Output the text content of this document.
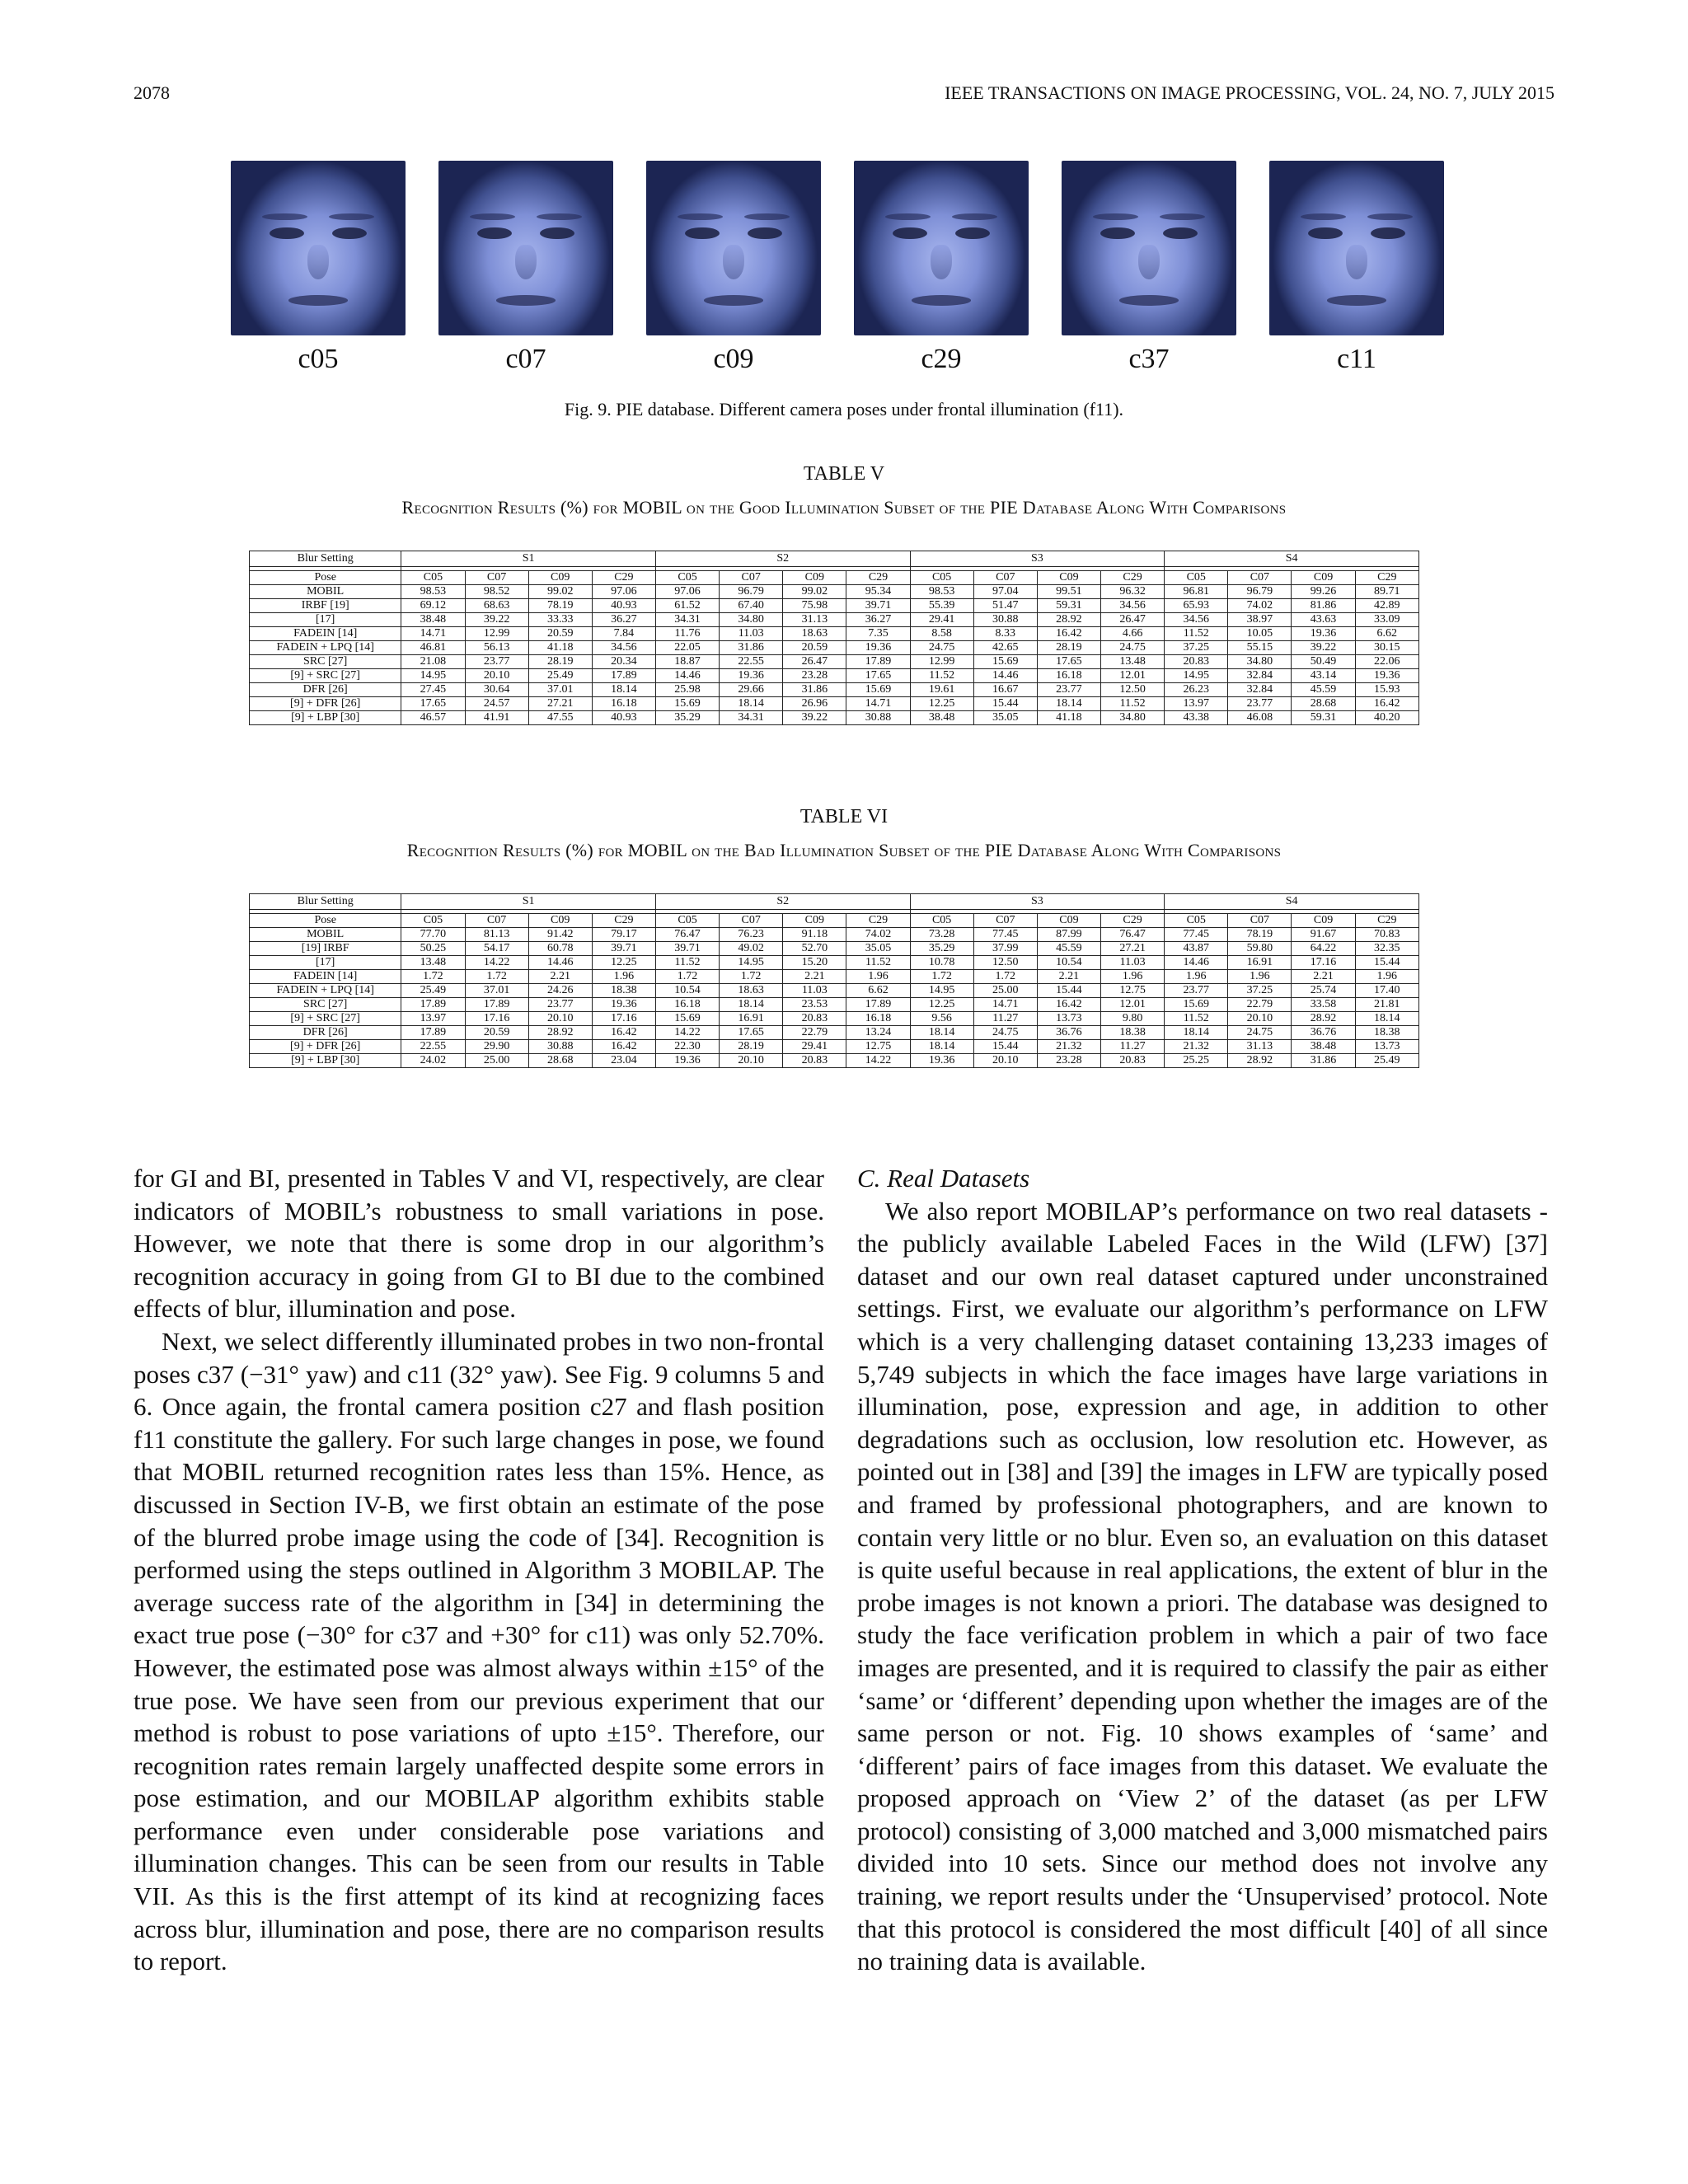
2078	IEEE TRANSACTIONS ON IMAGE PROCESSING, VOL. 24, NO. 7, JULY 2015
c05	c07	c09	c29	c37	c11
Fig. 9. PIE database. Different camera poses under frontal illumination (f11).
TABLE V
Recognition Results (%) for MOBIL on the Good Illumination Subset of the PIE Database Along With Comparisons
Blur Setting	S1				S2				S3				S4			

Pose	C05	C07	C09	C29	C05	C07	C09	C29	C05	C07	C09	C29	C05	C07	C09	C29
MOBIL	98.53	98.52	99.02	97.06	97.06	96.79	99.02	95.34	98.53	97.04	99.51	96.32	96.81	96.79	99.26	89.71
IRBF [19]	69.12	68.63	78.19	40.93	61.52	67.40	75.98	39.71	55.39	51.47	59.31	34.56	65.93	74.02	81.86	42.89
[17]	38.48	39.22	33.33	36.27	34.31	34.80	31.13	36.27	29.41	30.88	28.92	26.47	34.56	38.97	43.63	33.09
FADEIN [14]	14.71	12.99	20.59	7.84	11.76	11.03	18.63	7.35	8.58	8.33	16.42	4.66	11.52	10.05	19.36	6.62
FADEIN + LPQ [14]	46.81	56.13	41.18	34.56	22.05	31.86	20.59	19.36	24.75	42.65	28.19	24.75	37.25	55.15	39.22	30.15
SRC [27]	21.08	23.77	28.19	20.34	18.87	22.55	26.47	17.89	12.99	15.69	17.65	13.48	20.83	34.80	50.49	22.06
[9] + SRC [27]	14.95	20.10	25.49	17.89	14.46	19.36	23.28	17.65	11.52	14.46	16.18	12.01	14.95	32.84	43.14	19.36
DFR [26]	27.45	30.64	37.01	18.14	25.98	29.66	31.86	15.69	19.61	16.67	23.77	12.50	26.23	32.84	45.59	15.93
[9] + DFR [26]	17.65	24.57	27.21	16.18	15.69	18.14	26.96	14.71	12.25	15.44	18.14	11.52	13.97	23.77	28.68	16.42
[9] + LBP [30]	46.57	41.91	47.55	40.93	35.29	34.31	39.22	30.88	38.48	35.05	41.18	34.80	43.38	46.08	59.31	40.20
TABLE VI
Recognition Results (%) for MOBIL on the Bad Illumination Subset of the PIE Database Along With Comparisons
Blur Setting	S1				S2				S3				S4			

Pose	C05	C07	C09	C29	C05	C07	C09	C29	C05	C07	C09	C29	C05	C07	C09	C29
MOBIL	77.70	81.13	91.42	79.17	76.47	76.23	91.18	74.02	73.28	77.45	87.99	76.47	77.45	78.19	91.67	70.83
[19] IRBF	50.25	54.17	60.78	39.71	39.71	49.02	52.70	35.05	35.29	37.99	45.59	27.21	43.87	59.80	64.22	32.35
[17]	13.48	14.22	14.46	12.25	11.52	14.95	15.20	11.52	10.78	12.50	10.54	11.03	14.46	16.91	17.16	15.44
FADEIN [14]	1.72	1.72	2.21	1.96	1.72	1.72	2.21	1.96	1.72	1.72	2.21	1.96	1.96	1.96	2.21	1.96
FADEIN + LPQ [14]	25.49	37.01	24.26	18.38	10.54	18.63	11.03	6.62	14.95	25.00	15.44	12.75	23.77	37.25	25.74	17.40
SRC [27]	17.89	17.89	23.77	19.36	16.18	18.14	23.53	17.89	12.25	14.71	16.42	12.01	15.69	22.79	33.58	21.81
[9] + SRC [27]	13.97	17.16	20.10	17.16	15.69	16.91	20.83	16.18	9.56	11.27	13.73	9.80	11.52	20.10	28.92	18.14
DFR [26]	17.89	20.59	28.92	16.42	14.22	17.65	22.79	13.24	18.14	24.75	36.76	18.38	18.14	24.75	36.76	18.38
[9] + DFR [26]	22.55	29.90	30.88	16.42	22.30	28.19	29.41	12.75	18.14	15.44	21.32	11.27	21.32	31.13	38.48	13.73
[9] + LBP [30]	24.02	25.00	28.68	23.04	19.36	20.10	20.83	14.22	19.36	20.10	23.28	20.83	25.25	28.92	31.86	25.49

for GI and BI, presented in Tables V and VI, respectively, are clear indicators of MOBIL’s robustness to small variations in pose. However, we note that there is some drop in our algorithm’s recognition accuracy in going from GI to BI due to the combined effects of blur, illumination and pose.

Next, we select differently illuminated probes in two non-frontal poses c37 (−31° yaw) and c11 (32° yaw). See Fig. 9 columns 5 and 6. Once again, the frontal camera position c27 and flash position f11 constitute the gallery. For such large changes in pose, we found that MOBIL returned recognition rates less than 15%. Hence, as discussed in Section IV-B, we first obtain an estimate of the pose of the blurred probe image using the code of [34]. Recognition is performed using the steps outlined in Algorithm 3 MOBILAP. The average success rate of the algorithm in [34] in determining the exact true pose (−30° for c37 and +30° for c11) was only 52.70%. However, the estimated pose was almost always within ±15° of the true pose. We have seen from our previous experiment that our method is robust to pose variations of upto ±15°. Therefore, our recognition rates remain largely unaffected despite some errors in pose estimation, and our MOBILAP algorithm exhibits stable performance even under considerable pose variations and illumination changes. This can be seen from our results in Table VII. As this is the first attempt of its kind at recognizing faces across blur, illumination and pose, there are no comparison results to report.

C. Real Datasets

We also report MOBILAP’s performance on two real datasets - the publicly available Labeled Faces in the Wild (LFW) [37] dataset and our own real dataset captured under unconstrained settings. First, we evaluate our algorithm’s performance on LFW which is a very challenging dataset containing 13,233 images of 5,749 subjects in which the face images have large variations in illumination, pose, expression and age, in addition to other degradations such as occlusion, low resolution etc. However, as pointed out in [38] and [39] the images in LFW are typically posed and framed by professional photographers, and are known to contain very little or no blur. Even so, an evaluation on this dataset is quite useful because in real applications, the extent of blur in the probe images is not known a priori. The database was designed to study the face verification problem in which a pair of two face images are presented, and it is required to classify the pair as either ‘same’ or ‘different’ depending upon whether the images are of the same person or not. Fig. 10 shows examples of ‘same’ and ‘different’ pairs of face images from this dataset. We evaluate the proposed approach on ‘View 2’ of the dataset (as per LFW protocol) consisting of 3,000 matched and 3,000 mismatched pairs divided into 10 sets. Since our method does not involve any training, we report results under the ‘Unsupervised’ protocol. Note that this protocol is considered the most difficult [40] of all since no training data is available.
